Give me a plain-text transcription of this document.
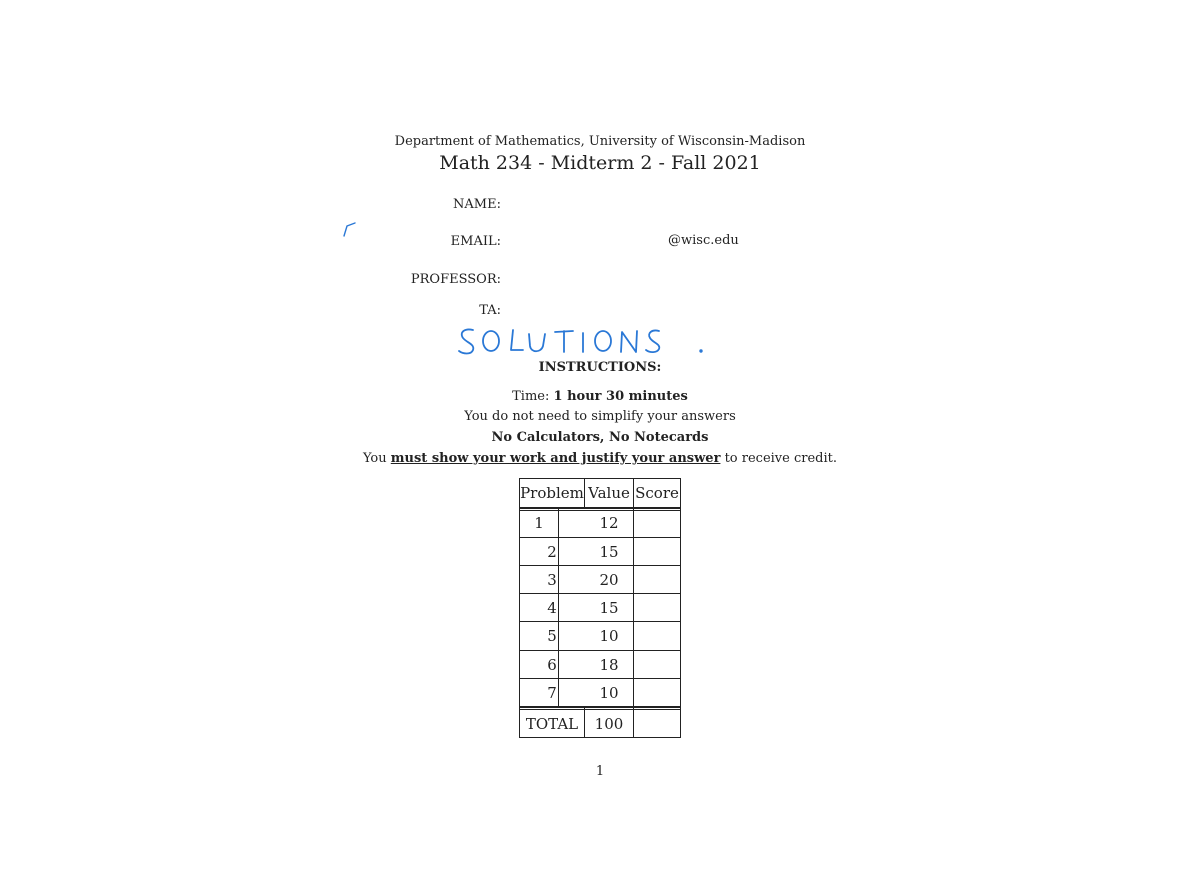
Department of Mathematics, University of Wisconsin-Madison
Math 234 - Midterm 2 - Fall 2021
NAME:
EMAIL:	@wisc.edu
PROFESSOR:
TA:
INSTRUCTIONS:
Time: 1 hour 30 minutes
You do not need to simplify your answers
No Calculators, No Notecards
You must show your work and justify your answer to receive credit.
Problem Value Score
1	12
2	15
3	20
4	15
5	10
6	18
7	10
TOTAL	100
1
